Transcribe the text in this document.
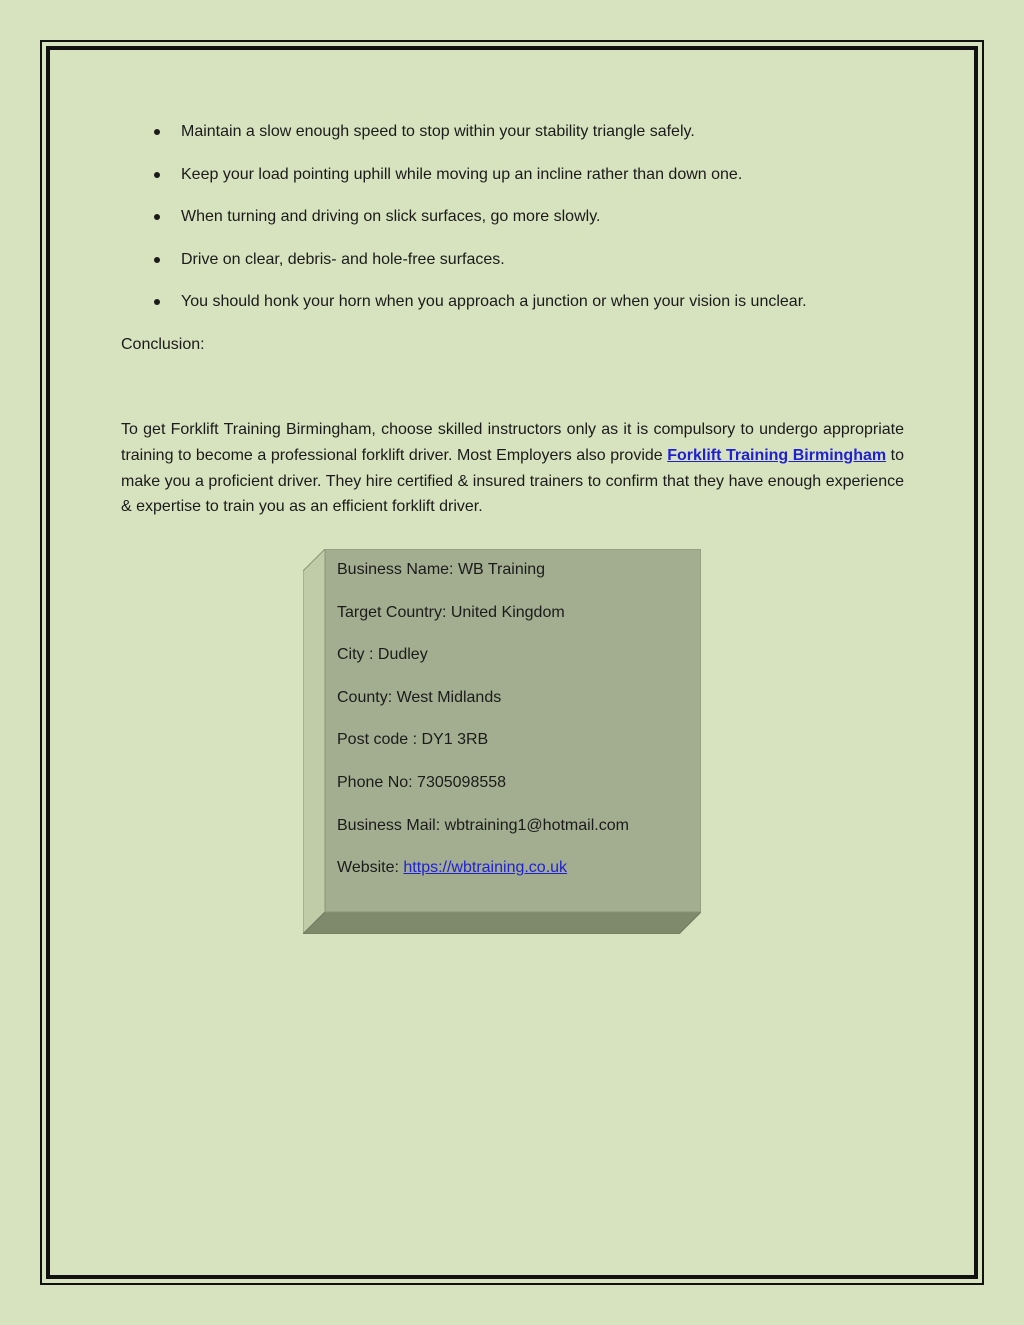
Maintain a slow enough speed to stop within your stability triangle safely.
Keep your load pointing uphill while moving up an incline rather than down one.
When turning and driving on slick surfaces, go more slowly.
Drive on clear, debris- and hole-free surfaces.
You should honk your horn when you approach a junction or when your vision is unclear.
Conclusion:

To get Forklift Training Birmingham, choose skilled instructors only as it is compulsory to undergo appropriate training to become a professional forklift driver. Most Employers also provide Forklift Training Birmingham to make you a proficient driver. They hire certified & insured trainers to confirm that they have enough experience & expertise to train you as an efficient forklift driver.

Business Name: WB Training
Target Country: United Kingdom
City : Dudley
County: West Midlands
Post code : DY1 3RB
Phone No: 7305098558
Business Mail: wbtraining1@hotmail.com
Website: https://wbtraining.co.uk
